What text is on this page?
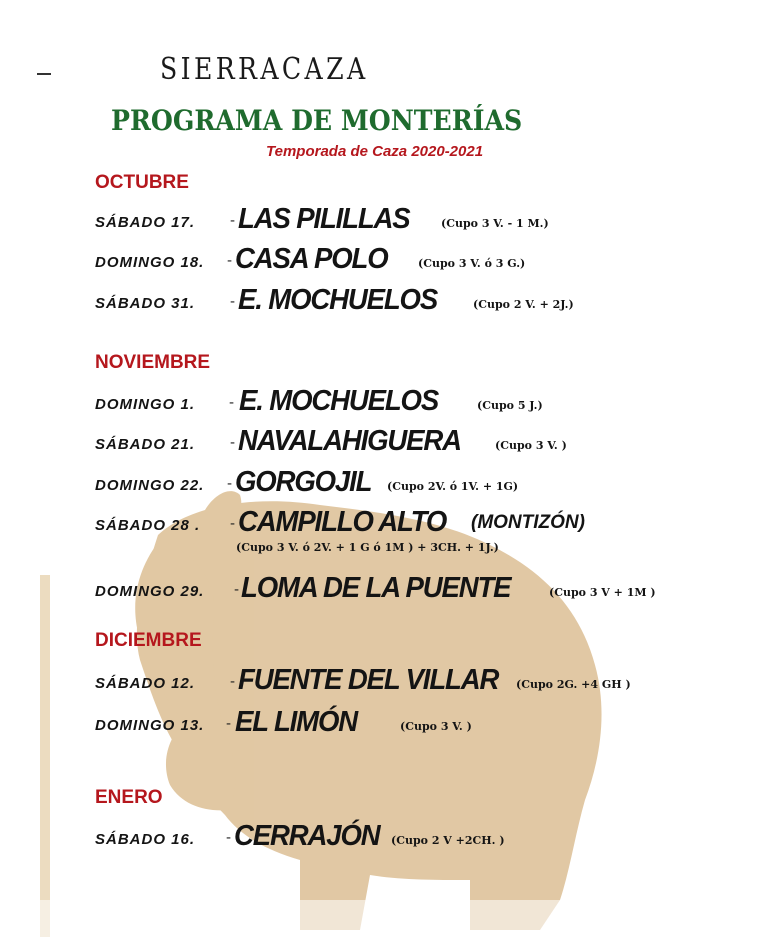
SIERRACAZA
PROGRAMA DE MONTERÍAS
Temporada de Caza 2020-2021
OCTUBRE
NOVIEMBRE
DICIEMBRE
ENERO
SÁBADO 17. - LAS PILILLAS	(Cupo 3 V. - 1 M.)
DOMINGO 18. - CASA POLO	(Cupo 3 V. ó 3 G.)
SÁBADO 31. - E. MOCHUELOS	(Cupo 2 V. + 2J.)
DOMINGO 1. - E. MOCHUELOS	(Cupo 5 J.)
SÁBADO 21. - NAVALAHIGUERA	(Cupo 3 V. )
DOMINGO 22. - GORGOJIL (Cupo 2V. ó 1V. + 1G)
SÁBADO 28 . - CAMPILLO ALTO (MONTIZÓN)
(Cupo 3 V. ó 2V. + 1 G ó 1M ) + 3CH. + 1J.)
DOMINGO 29. - LOMA DE LA PUENTE	(Cupo 3 V + 1M )
SÁBADO 12. - FUENTE DEL VILLAR (Cupo 2G. +4 GH )
DOMINGO 13. - EL LIMÓN	(Cupo 3 V. )
SÁBADO 16. - CERRAJÓN (Cupo 2 V +2CH. )
